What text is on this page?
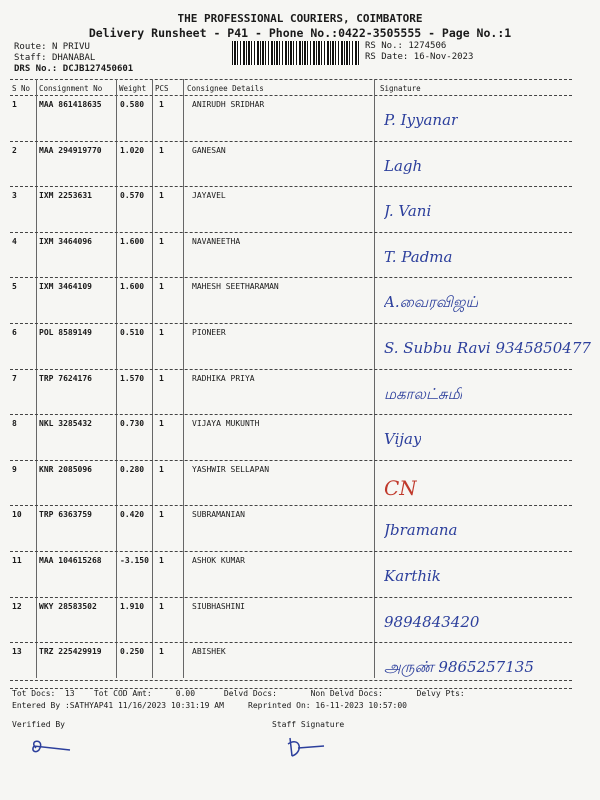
THE PROFESSIONAL COURIERS, COIMBATORE
Delivery Runsheet - P41 - Phone No.:0422-3505555 - Page No.:1
Route: N PRIVU
Staff: DHANABAL
DRS No.: DCJB127450601
RS No.: 1274506
RS Date: 16-Nov-2023
S No Consignment No Weight PCS Consignee Details	Signature
1	MAA 861418635 0.580 1	ANIRUDH SRIDHAR
P. Iyyanar
2	MAA 294919770 1.020 1	GANESAN
Lagh
3	IXM 2253631	0.570 1	JAYAVEL
J. Vani
4	IXM 3464096	1.600 1	NAVANEETHA
T. Padma
5	IXM 3464109	1.600 1	MAHESH SEETHARAMAN
A.வைரவிஜய்
6	POL 8589149	0.510 1	PIONEER
S. Subbu Ravi 9345850477
7	TRP 7624176	1.570 1	RADHIKA PRIYA
மகாலட்சுமி
8	NKL 3285432	0.730 1	VIJAYA MUKUNTH
Vijay
9	KNR 2085096	0.280 1	YASHWIR SELLAPAN
CN
10 TRP 6363759	0.420 1	SUBRAMANIAN
Jbramana
11 MAA 104615268 -3.150 1	ASHOK KUMAR
Karthik
12 WKY 28583502	1.910 1	SIUBHASHINI
9894843420
13 TRZ 225429919 0.250 1	ABISHEK
அருண் 9865257135
Tot Docs:  13    Tot COD Amt:     0.00      Delvd Docs:       Non Delvd Docs:       Delvy Pts:
Entered By :SATHYAP41 11/16/2023 10:31:19 AM     Reprinted On: 16-11-2023 10:57:00
Verified By	Staff Signature
